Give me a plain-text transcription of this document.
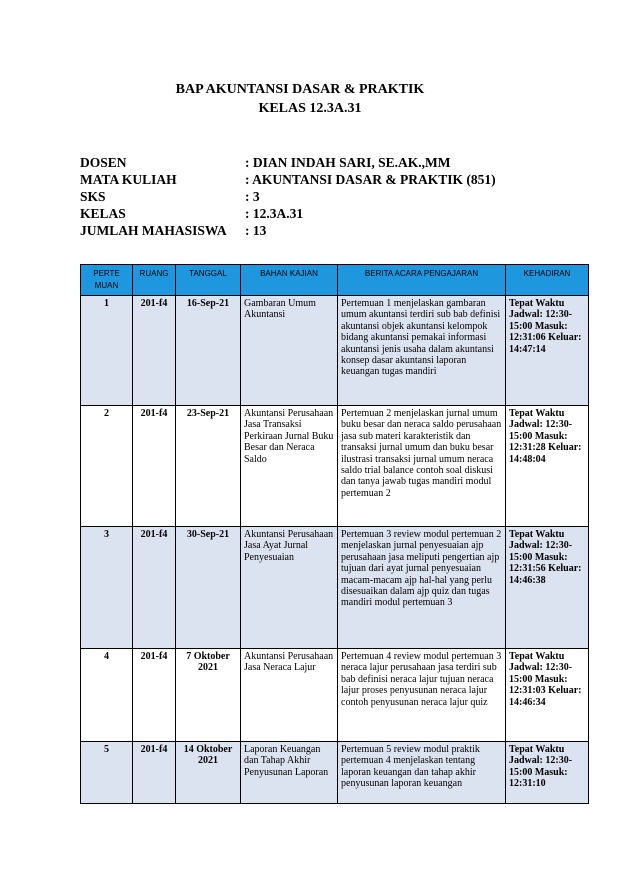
BAP AKUNTANSI DASAR & PRAKTIK
KELAS 12.3A.31
DOSEN	: DIAN INDAH SARI, SE.AK.,MM
MATA KULIAH	: AKUNTANSI DASAR & PRAKTIK (851)
SKS	: 3
KELAS	: 12.3A.31
JUMLAH MAHASISWA	: 13
PERTE MUAN	RUANG	TANGGAL	BAHAN KAJIAN	BERITA ACARA PENGAJARAN	KEHADIRAN
1	201-f4	16-Sep-21	Gambaran Umum Akuntansi	Pertemuan 1 menjelaskan gambaran umum akuntansi terdiri sub bab definisi akuntansi objek akuntansi kelompok bidang akuntansi pemakai informasi akuntansi jenis usaha dalam akuntansi konsep dasar akuntansi laporan keuangan tugas mandiri	Tepat Waktu Jadwal: 12:30-15:00 Masuk: 12:31:06 Keluar: 14:47:14
2	201-f4	23-Sep-21	Akuntansi Perusahaan Jasa Transaksi Perkiraan Jurnal Buku Besar dan Neraca Saldo	Pertemuan 2 menjelaskan jurnal umum buku besar dan neraca saldo perusahaan jasa sub materi karakteristik dan transaksi jurnal umum dan buku besar ilustrasi transaksi jurnal umum neraca saldo trial balance contoh soal diskusi dan tanya jawab tugas mandiri modul pertemuan 2	Tepat Waktu Jadwal: 12:30-15:00 Masuk: 12:31:28 Keluar: 14:48:04
3	201-f4	30-Sep-21	Akuntansi Perusahaan Jasa Ayat Jurnal Penyesuaian	Pertemuan 3 review modul pertemuan 2 menjelaskan jurnal penyesuaian ajp perusahaan jasa meliputi pengertian ajp tujuan dari ayat jurnal penyesuaian macam-macam ajp hal-hal yang perlu disesuaikan dalam ajp quiz dan tugas mandiri modul pertemuan 3	Tepat Waktu Jadwal: 12:30-15:00 Masuk: 12:31:56 Keluar: 14:46:38
4	201-f4	7 Oktober 2021	Akuntansi Perusahaan Jasa Neraca Lajur	Pertemuan 4 review modul pertemuan 3 neraca lajur perusahaan jasa terdiri sub bab definisi neraca lajur tujuan neraca lajur proses penyusunan neraca lajur contoh penyusunan neraca lajur quiz	Tepat Waktu Jadwal: 12:30-15:00 Masuk: 12:31:03 Keluar: 14:46:34
5	201-f4	14 Oktober 2021	Laporan Keuangan dan Tahap Akhir Penyusunan Laporan	Pertemuan 5 review modul praktik pertemuan 4 menjelaskan tentang laporan keuangan dan tahap akhir penyusunan laporan keuangan	Tepat Waktu Jadwal: 12:30-15:00 Masuk: 12:31:10
